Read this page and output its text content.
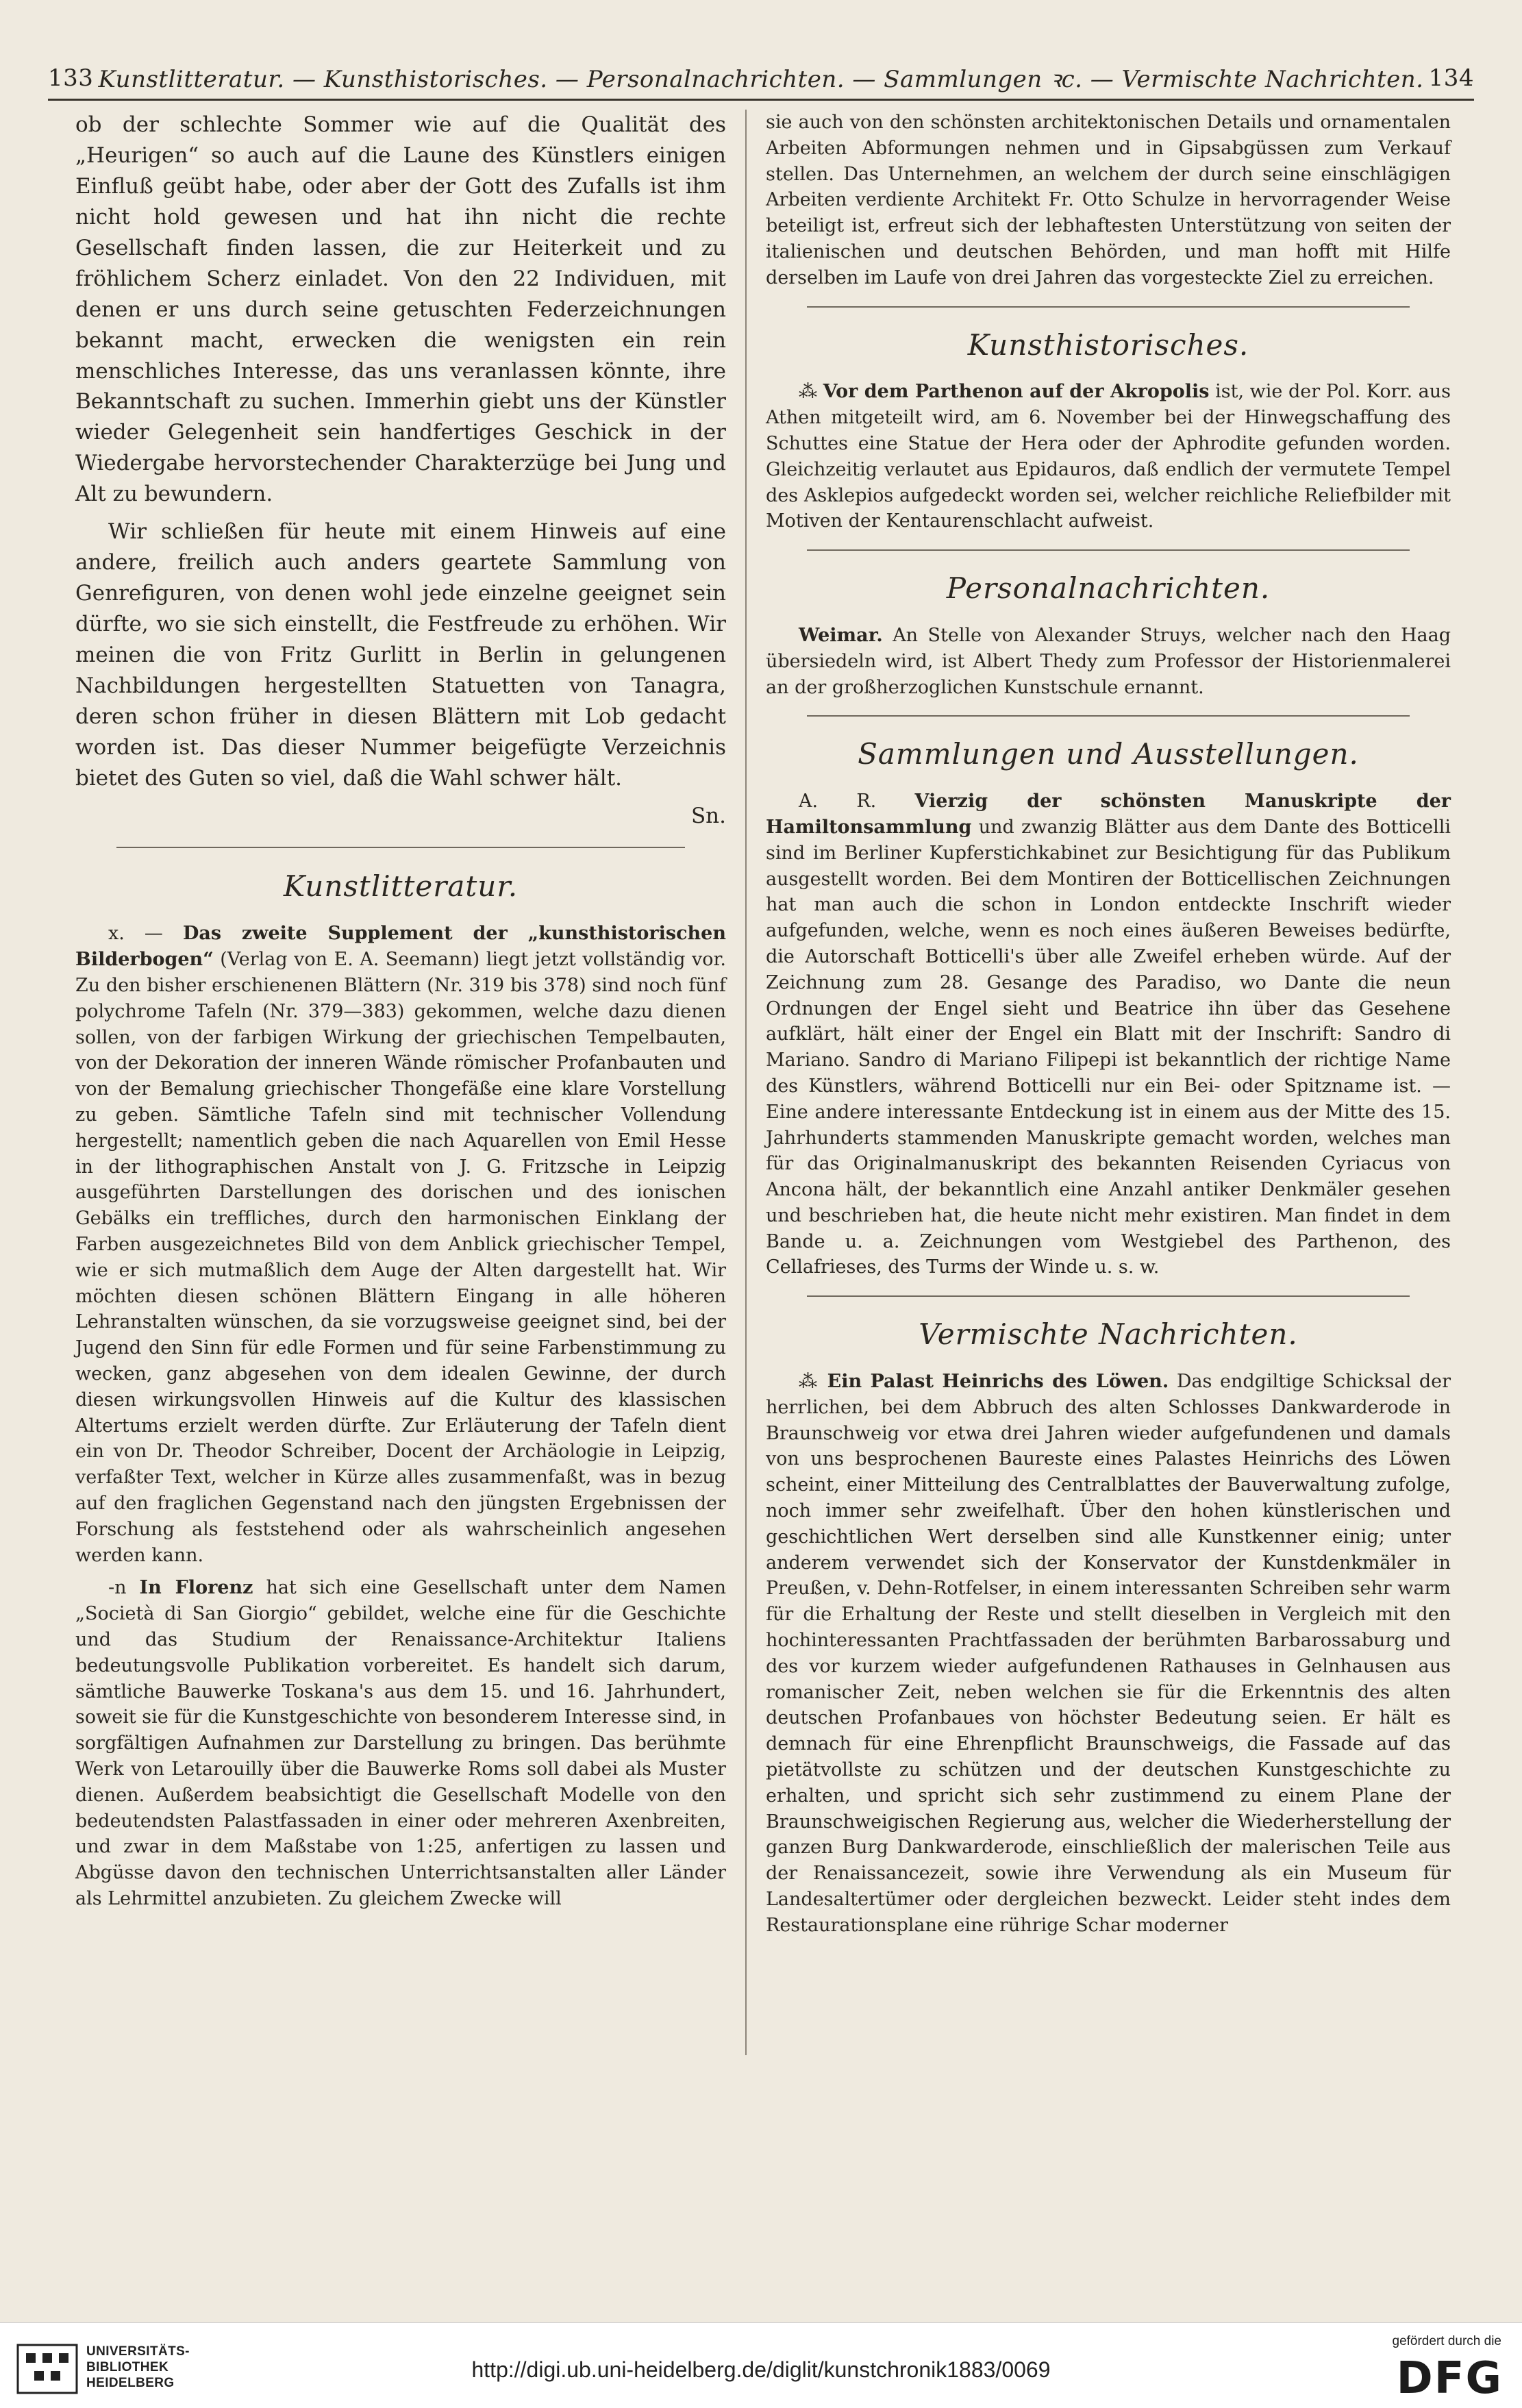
133 Kunstlitteratur. — Kunsthistorisches. — Personalnachrichten. — Sammlungen ꝛc. — Vermischte Nachrichten. 134

ob der schlechte Sommer wie auf die Qualität des „Heurigen“ so auch auf die Laune des Künstlers einigen Einfluß geübt habe, oder aber der Gott des Zufalls ist ihm nicht hold gewesen und hat ihn nicht die rechte Gesellschaft finden lassen, die zur Heiterkeit und zu fröhlichem Scherz einladet. Von den 22 Individuen, mit denen er uns durch seine getuschten Federzeichnungen bekannt macht, erwecken die wenigsten ein rein menschliches Interesse, das uns veranlassen könnte, ihre Bekanntschaft zu suchen. Immerhin giebt uns der Künstler wieder Gelegenheit sein handfertiges Geschick in der Wiedergabe hervorstechender Charakterzüge bei Jung und Alt zu bewundern.

Wir schließen für heute mit einem Hinweis auf eine andere, freilich auch anders geartete Sammlung von Genrefiguren, von denen wohl jede einzelne geeignet sein dürfte, wo sie sich einstellt, die Festfreude zu erhöhen. Wir meinen die von Fritz Gurlitt in Berlin in gelungenen Nachbildungen hergestellten Statuetten von Tanagra, deren schon früher in diesen Blättern mit Lob gedacht worden ist. Das dieser Nummer beigefügte Verzeichnis bietet des Guten so viel, daß die Wahl schwer hält.

Sn.
Kunstlitteratur.

x. — Das zweite Supplement der „kunsthistorischen Bilderbogen“ (Verlag von E. A. Seemann) liegt jetzt vollständig vor. Zu den bisher erschienenen Blättern (Nr. 319 bis 378) sind noch fünf polychrome Tafeln (Nr. 379—383) gekommen, welche dazu dienen sollen, von der farbigen Wirkung der griechischen Tempelbauten, von der Dekoration der inneren Wände römischer Profanbauten und von der Bemalung griechischer Thongefäße eine klare Vorstellung zu geben. Sämtliche Tafeln sind mit technischer Vollendung hergestellt; namentlich geben die nach Aquarellen von Emil Hesse in der lithographischen Anstalt von J. G. Fritzsche in Leipzig ausgeführten Darstellungen des dorischen und des ionischen Gebälks ein treffliches, durch den harmonischen Einklang der Farben ausgezeichnetes Bild von dem Anblick griechischer Tempel, wie er sich mutmaßlich dem Auge der Alten dargestellt hat. Wir möchten diesen schönen Blättern Eingang in alle höheren Lehranstalten wünschen, da sie vorzugsweise geeignet sind, bei der Jugend den Sinn für edle Formen und für seine Farbenstimmung zu wecken, ganz abgesehen von dem idealen Gewinne, der durch diesen wirkungsvollen Hinweis auf die Kultur des klassischen Altertums erzielt werden dürfte. Zur Erläuterung der Tafeln dient ein von Dr. Theodor Schreiber, Docent der Archäologie in Leipzig, verfaßter Text, welcher in Kürze alles zusammenfaßt, was in bezug auf den fraglichen Gegenstand nach den jüngsten Ergebnissen der Forschung als feststehend oder als wahrscheinlich angesehen werden kann.

-n In Florenz hat sich eine Gesellschaft unter dem Namen „Società di San Giorgio“ gebildet, welche eine für die Geschichte und das Studium der Renaissance-Architektur Italiens bedeutungsvolle Publikation vorbereitet. Es handelt sich darum, sämtliche Bauwerke Toskana's aus dem 15. und 16. Jahrhundert, soweit sie für die Kunstgeschichte von besonderem Interesse sind, in sorgfältigen Aufnahmen zur Darstellung zu bringen. Das berühmte Werk von Letarouilly über die Bauwerke Roms soll dabei als Muster dienen. Außerdem beabsichtigt die Gesellschaft Modelle von den bedeutendsten Palastfassaden in einer oder mehreren Axenbreiten, und zwar in dem Maßstabe von 1:25, anfertigen zu lassen und Abgüsse davon den technischen Unterrichtsanstalten aller Länder als Lehrmittel anzubieten. Zu gleichem Zwecke will

sie auch von den schönsten architektonischen Details und ornamentalen Arbeiten Abformungen nehmen und in Gipsabgüssen zum Verkauf stellen. Das Unternehmen, an welchem der durch seine einschlägigen Arbeiten verdiente Architekt Fr. Otto Schulze in hervorragender Weise beteiligt ist, erfreut sich der lebhaftesten Unterstützung von seiten der italienischen und deutschen Behörden, und man hofft mit Hilfe derselben im Laufe von drei Jahren das vorgesteckte Ziel zu erreichen.

Kunsthistorisches.

⁂ Vor dem Parthenon auf der Akropolis ist, wie der Pol. Korr. aus Athen mitgeteilt wird, am 6. November bei der Hinwegschaffung des Schuttes eine Statue der Hera oder der Aphrodite gefunden worden. Gleichzeitig verlautet aus Epidauros, daß endlich der vermutete Tempel des Asklepios aufgedeckt worden sei, welcher reichliche Reliefbilder mit Motiven der Kentaurenschlacht aufweist.

Personalnachrichten.

Weimar. An Stelle von Alexander Struys, welcher nach den Haag übersiedeln wird, ist Albert Thedy zum Professor der Historienmalerei an der großherzoglichen Kunstschule ernannt.

Sammlungen und Ausstellungen.

A. R. Vierzig der schönsten Manuskripte der Hamiltonsammlung und zwanzig Blätter aus dem Dante des Botticelli sind im Berliner Kupferstichkabinet zur Besichtigung für das Publikum ausgestellt worden. Bei dem Montiren der Botticellischen Zeichnungen hat man auch die schon in London entdeckte Inschrift wieder aufgefunden, welche, wenn es noch eines äußeren Beweises bedürfte, die Autorschaft Botticelli's über alle Zweifel erheben würde. Auf der Zeichnung zum 28. Gesange des Paradiso, wo Dante die neun Ordnungen der Engel sieht und Beatrice ihn über das Gesehene aufklärt, hält einer der Engel ein Blatt mit der Inschrift: Sandro di Mariano. Sandro di Mariano Filipepi ist bekanntlich der richtige Name des Künstlers, während Botticelli nur ein Bei- oder Spitzname ist. — Eine andere interessante Entdeckung ist in einem aus der Mitte des 15. Jahrhunderts stammenden Manuskripte gemacht worden, welches man für das Originalmanuskript des bekannten Reisenden Cyriacus von Ancona hält, der bekanntlich eine Anzahl antiker Denkmäler gesehen und beschrieben hat, die heute nicht mehr existiren. Man findet in dem Bande u. a. Zeichnungen vom Westgiebel des Parthenon, des Cellafrieses, des Turms der Winde u. s. w.

Vermischte Nachrichten.

⁂ Ein Palast Heinrichs des Löwen. Das endgiltige Schicksal der herrlichen, bei dem Abbruch des alten Schlosses Dankwarderode in Braunschweig vor etwa drei Jahren wieder aufgefundenen und damals von uns besprochenen Baureste eines Palastes Heinrichs des Löwen scheint, einer Mitteilung des Centralblattes der Bauverwaltung zufolge, noch immer sehr zweifelhaft. Über den hohen künstlerischen und geschichtlichen Wert derselben sind alle Kunstkenner einig; unter anderem verwendet sich der Konservator der Kunstdenkmäler in Preußen, v. Dehn-Rotfelser, in einem interessanten Schreiben sehr warm für die Erhaltung der Reste und stellt dieselben in Vergleich mit den hochinteressanten Prachtfassaden der berühmten Barbarossaburg und des vor kurzem wieder aufgefundenen Rathauses in Gelnhausen aus romanischer Zeit, neben welchen sie für die Erkenntnis des alten deutschen Profanbaues von höchster Bedeutung seien. Er hält es demnach für eine Ehrenpflicht Braunschweigs, die Fassade auf das pietätvollste zu schützen und der deutschen Kunstgeschichte zu erhalten, und spricht sich sehr zustimmend zu einem Plane der Braunschweigischen Regierung aus, welcher die Wiederherstellung der ganzen Burg Dankwarderode, einschließlich der malerischen Teile aus der Renaissancezeit, sowie ihre Verwendung als ein Museum für Landesaltertümer oder dergleichen bezweckt. Leider steht indes dem Restaurationsplane eine rührige Schar moderner

UNIVERSITÄTS-
BIBLIOTHEK
HEIDELBERG
http://digi.ub.uni-heidelberg.de/diglit/kunstchronik1883/0069
gefördert durch die
DFG
